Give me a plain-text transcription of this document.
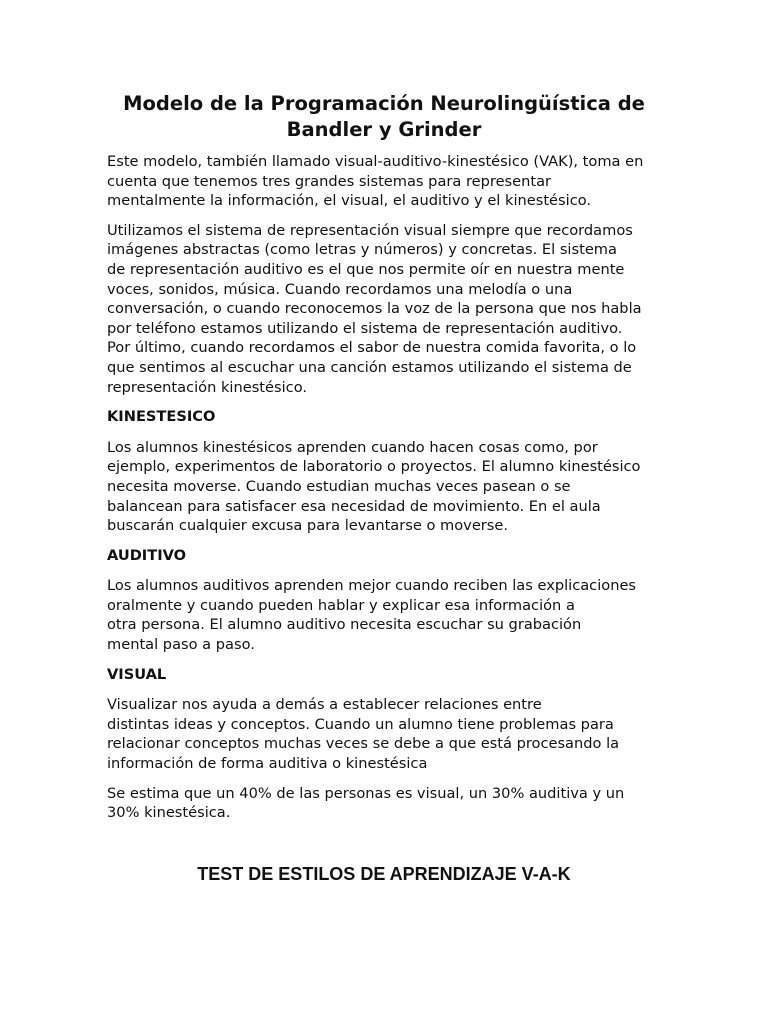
Modelo de la Programación Neurolingüística de
Bandler y Grinder

Este modelo, también llamado visual-auditivo-kinestésico (VAK), toma en
cuenta que tenemos tres grandes sistemas para representar
mentalmente la información, el visual, el auditivo y el kinestésico.

Utilizamos el sistema de representación visual siempre que recordamos
imágenes abstractas (como letras y números) y concretas. El sistema
de representación auditivo es el que nos permite oír en nuestra mente
voces, sonidos, música. Cuando recordamos una melodía o una
conversación, o cuando reconocemos la voz de la persona que nos habla
por teléfono estamos utilizando el sistema de representación auditivo.
Por último, cuando recordamos el sabor de nuestra comida favorita, o lo
que sentimos al escuchar una canción estamos utilizando el sistema de
representación kinestésico.

KINESTESICO

Los alumnos kinestésicos aprenden cuando hacen cosas como, por
ejemplo, experimentos de laboratorio o proyectos. El alumno kinestésico
necesita moverse. Cuando estudian muchas veces pasean o se
balancean para satisfacer esa necesidad de movimiento. En el aula
buscarán cualquier excusa para levantarse o moverse.

AUDITIVO

Los alumnos auditivos aprenden mejor cuando reciben las explicaciones
oralmente y cuando pueden hablar y explicar esa información a
otra persona. El alumno auditivo necesita escuchar su grabación
mental paso a paso.

VISUAL

Visualizar nos ayuda a demás a establecer relaciones entre
distintas ideas y conceptos. Cuando un alumno tiene problemas para
relacionar conceptos muchas veces se debe a que está procesando la
información de forma auditiva o kinestésica

Se estima que un 40% de las personas es visual, un 30% auditiva y un
30% kinestésica.

TEST DE ESTILOS DE APRENDIZAJE V-A-K
